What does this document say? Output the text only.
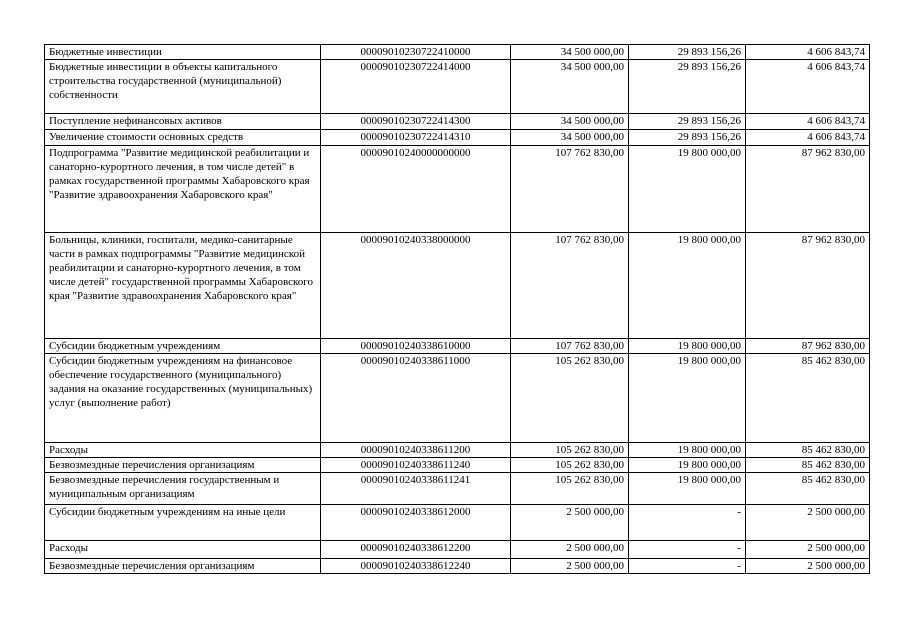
Бюджетные инвестиции	00009010230722410000	34 500 000,00	29 893 156,26	4 606 843,74
Бюджетные инвестиции в объекты капитального строительства государственной (муниципальной) собственности	00009010230722414000	34 500 000,00	29 893 156,26	4 606 843,74
Поступление нефинансовых активов	00009010230722414300	34 500 000,00	29 893 156,26	4 606 843,74
Увеличение стоимости основных средств	00009010230722414310	34 500 000,00	29 893 156,26	4 606 843,74
Подпрограмма "Развитие медицинской реабилитации и санаторно-курортного лечения, в том числе детей" в рамках государственной программы Хабаровского края "Развитие здравоохранения Хабаровского края"	00009010240000000000	107 762 830,00	19 800 000,00	87 962 830,00
Больницы, клиники, госпитали, медико-санитарные части в рамках подпрограммы "Развитие медицинской реабилитации и санаторно-курортного лечения, в том числе детей" государственной программы Хабаровского края "Развитие здравоохранения Хабаровского края"	00009010240338000000	107 762 830,00	19 800 000,00	87 962 830,00
Субсидии бюджетным учреждениям	00009010240338610000	107 762 830,00	19 800 000,00	87 962 830,00
Субсидии бюджетным учреждениям на финансовое обеспечение государственного (муниципального) задания на оказание государственных (муниципальных) услуг (выполнение работ)	00009010240338611000	105 262 830,00	19 800 000,00	85 462 830,00
Расходы	00009010240338611200	105 262 830,00	19 800 000,00	85 462 830,00
Безвозмездные перечисления организациям	00009010240338611240	105 262 830,00	19 800 000,00	85 462 830,00
Безвозмездные перечисления государственным и муниципальным организациям	00009010240338611241	105 262 830,00	19 800 000,00	85 462 830,00
Субсидии бюджетным учреждениям на иные цели	00009010240338612000	2 500 000,00	-	2 500 000,00
Расходы	00009010240338612200	2 500 000,00	-	2 500 000,00
Безвозмездные перечисления организациям	00009010240338612240	2 500 000,00	-	2 500 000,00
